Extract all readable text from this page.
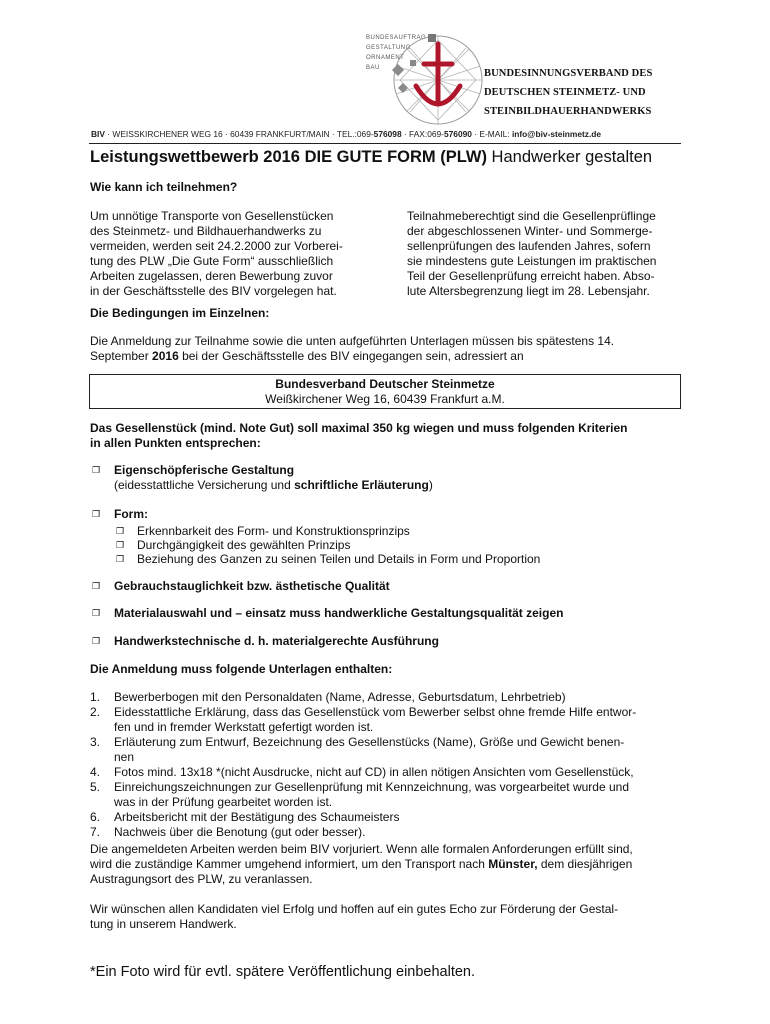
BUNDESAUFTRAG
GESTALTUNG
ORNAMENT
BAU	BUNDESINNUNGSVERBAND DES
DEUTSCHEN STEINMETZ- UND
STEINBILDHAUERHANDWERKS
BIV · WEISSKIRCHENER WEG 16 · 60439 FRANKFURT/MAIN · TEL.:069-576098 · FAX:069-576090 · E-MAIL: info@biv-steinmetz.de
Leistungswettbewerb 2016 DIE GUTE FORM (PLW) Handwerker gestalten
Wie kann ich teilnehmen?
Um unnötige Transporte von Gesellenstücken
des Steinmetz- und Bildhauerhandwerks zu
vermeiden, werden seit 24.2.2000 zur Vorberei-
tung des PLW „Die Gute Form“ ausschließlich
Arbeiten zugelassen, deren Bewerbung zuvor
in der Geschäftsstelle des BIV vorgelegen hat.
Teilnahmeberechtigt sind die Gesellenprüflinge
der abgeschlossenen Winter- und Sommerge-
sellenprüfungen des laufenden Jahres, sofern
sie mindestens gute Leistungen im praktischen
Teil der Gesellenprüfung erreicht haben. Abso-
lute Altersbegrenzung liegt im 28. Lebensjahr.
Die Bedingungen im Einzelnen:
Die Anmeldung zur Teilnahme sowie die unten aufgeführten Unterlagen müssen bis spätestens 14.
September 2016 bei der Geschäftsstelle des BIV eingegangen sein, adressiert an
Bundesverband Deutscher Steinmetze
Weißkirchener Weg 16, 60439 Frankfurt a.M.
Das Gesellenstück (mind. Note Gut) soll maximal 350 kg wiegen und muss folgenden Kriterien
in allen Punkten entsprechen:
❒ Eigenschöpferische Gestaltung
(eidesstattliche Versicherung und schriftliche Erläuterung)
❒ Form:
❒ Erkennbarkeit des Form- und Konstruktionsprinzips
❒ Durchgängigkeit des gewählten Prinzips
❒ Beziehung des Ganzen zu seinen Teilen und Details in Form und Proportion
❒ Gebrauchstauglichkeit bzw. ästhetische Qualität
❒ Materialauswahl und – einsatz muss handwerkliche Gestaltungsqualität zeigen
❒ Handwerkstechnische d. h. materialgerechte Ausführung
Die Anmeldung muss folgende Unterlagen enthalten:
1.	Bewerberbogen mit den Personaldaten (Name, Adresse, Geburtsdatum, Lehrbetrieb)
2.	Eidesstattliche Erklärung, dass das Gesellenstück vom Bewerber selbst ohne fremde Hilfe entwor-
fen und in fremder Werkstatt gefertigt worden ist.
3.	Erläuterung zum Entwurf, Bezeichnung des Gesellenstücks (Name), Größe und Gewicht benen-
nen
4.	Fotos mind. 13x18 *(nicht Ausdrucke, nicht auf CD) in allen nötigen Ansichten vom Gesellenstück,
5.	Einreichungszeichnungen zur Gesellenprüfung mit Kennzeichnung, was vorgearbeitet wurde und
was in der Prüfung gearbeitet worden ist.
6.	Arbeitsbericht mit der Bestätigung des Schaumeisters
7.	Nachweis über die Benotung (gut oder besser).
Die angemeldeten Arbeiten werden beim BIV vorjuriert. Wenn alle formalen Anforderungen erfüllt sind,
wird die zuständige Kammer umgehend informiert, um den Transport nach Münster, dem diesjährigen
Austragungsort des PLW, zu veranlassen.
Wir wünschen allen Kandidaten viel Erfolg und hoffen auf ein gutes Echo zur Förderung der Gestal-
tung in unserem Handwerk.
*Ein Foto wird für evtl. spätere Veröffentlichung einbehalten.
